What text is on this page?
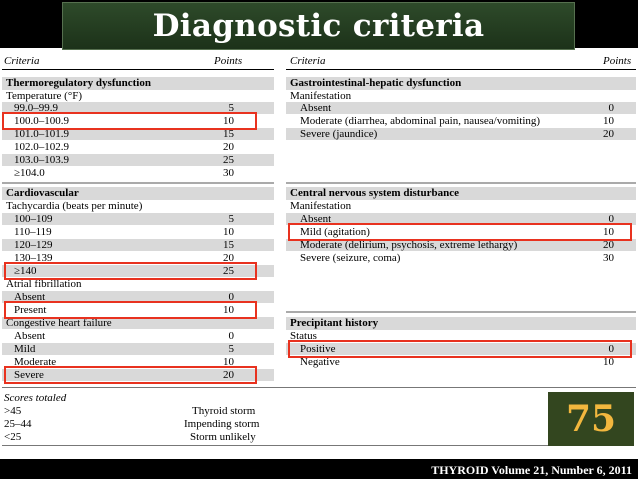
Diagnostic criteria
Criteria	Points	Criteria	Points
Thermoregulatory dysfunction
Temperature (°F)
99.0–99.9	5
100.0–100.9	10
101.0–101.9	15
102.0–102.9	20
103.0–103.9	25
≥104.0	30
Cardiovascular
Tachycardia (beats per minute)
100–109	5
110–119	10
120–129	15
130–139	20
≥140	25
Atrial fibrillation
Absent	0
Present	10
Congestive heart failure
Absent	0
Mild	5
Moderate	10
Severe	20
Gastrointestinal-hepatic dysfunction
Manifestation
Absent	0
Moderate (diarrhea, abdominal pain, nausea/vomiting)	10
Severe (jaundice)	20
Central nervous system disturbance
Manifestation
Absent	0
Mild (agitation)	10
Moderate (delirium, psychosis, extreme lethargy)	20
Severe (seizure, coma)	30
Precipitant history
Status
Positive	0
Negative	10
Scores totaled
>45	Thyroid storm
25–44	Impending storm
<25	Storm unlikely	75
THYROID Volume 21, Number 6, 2011
